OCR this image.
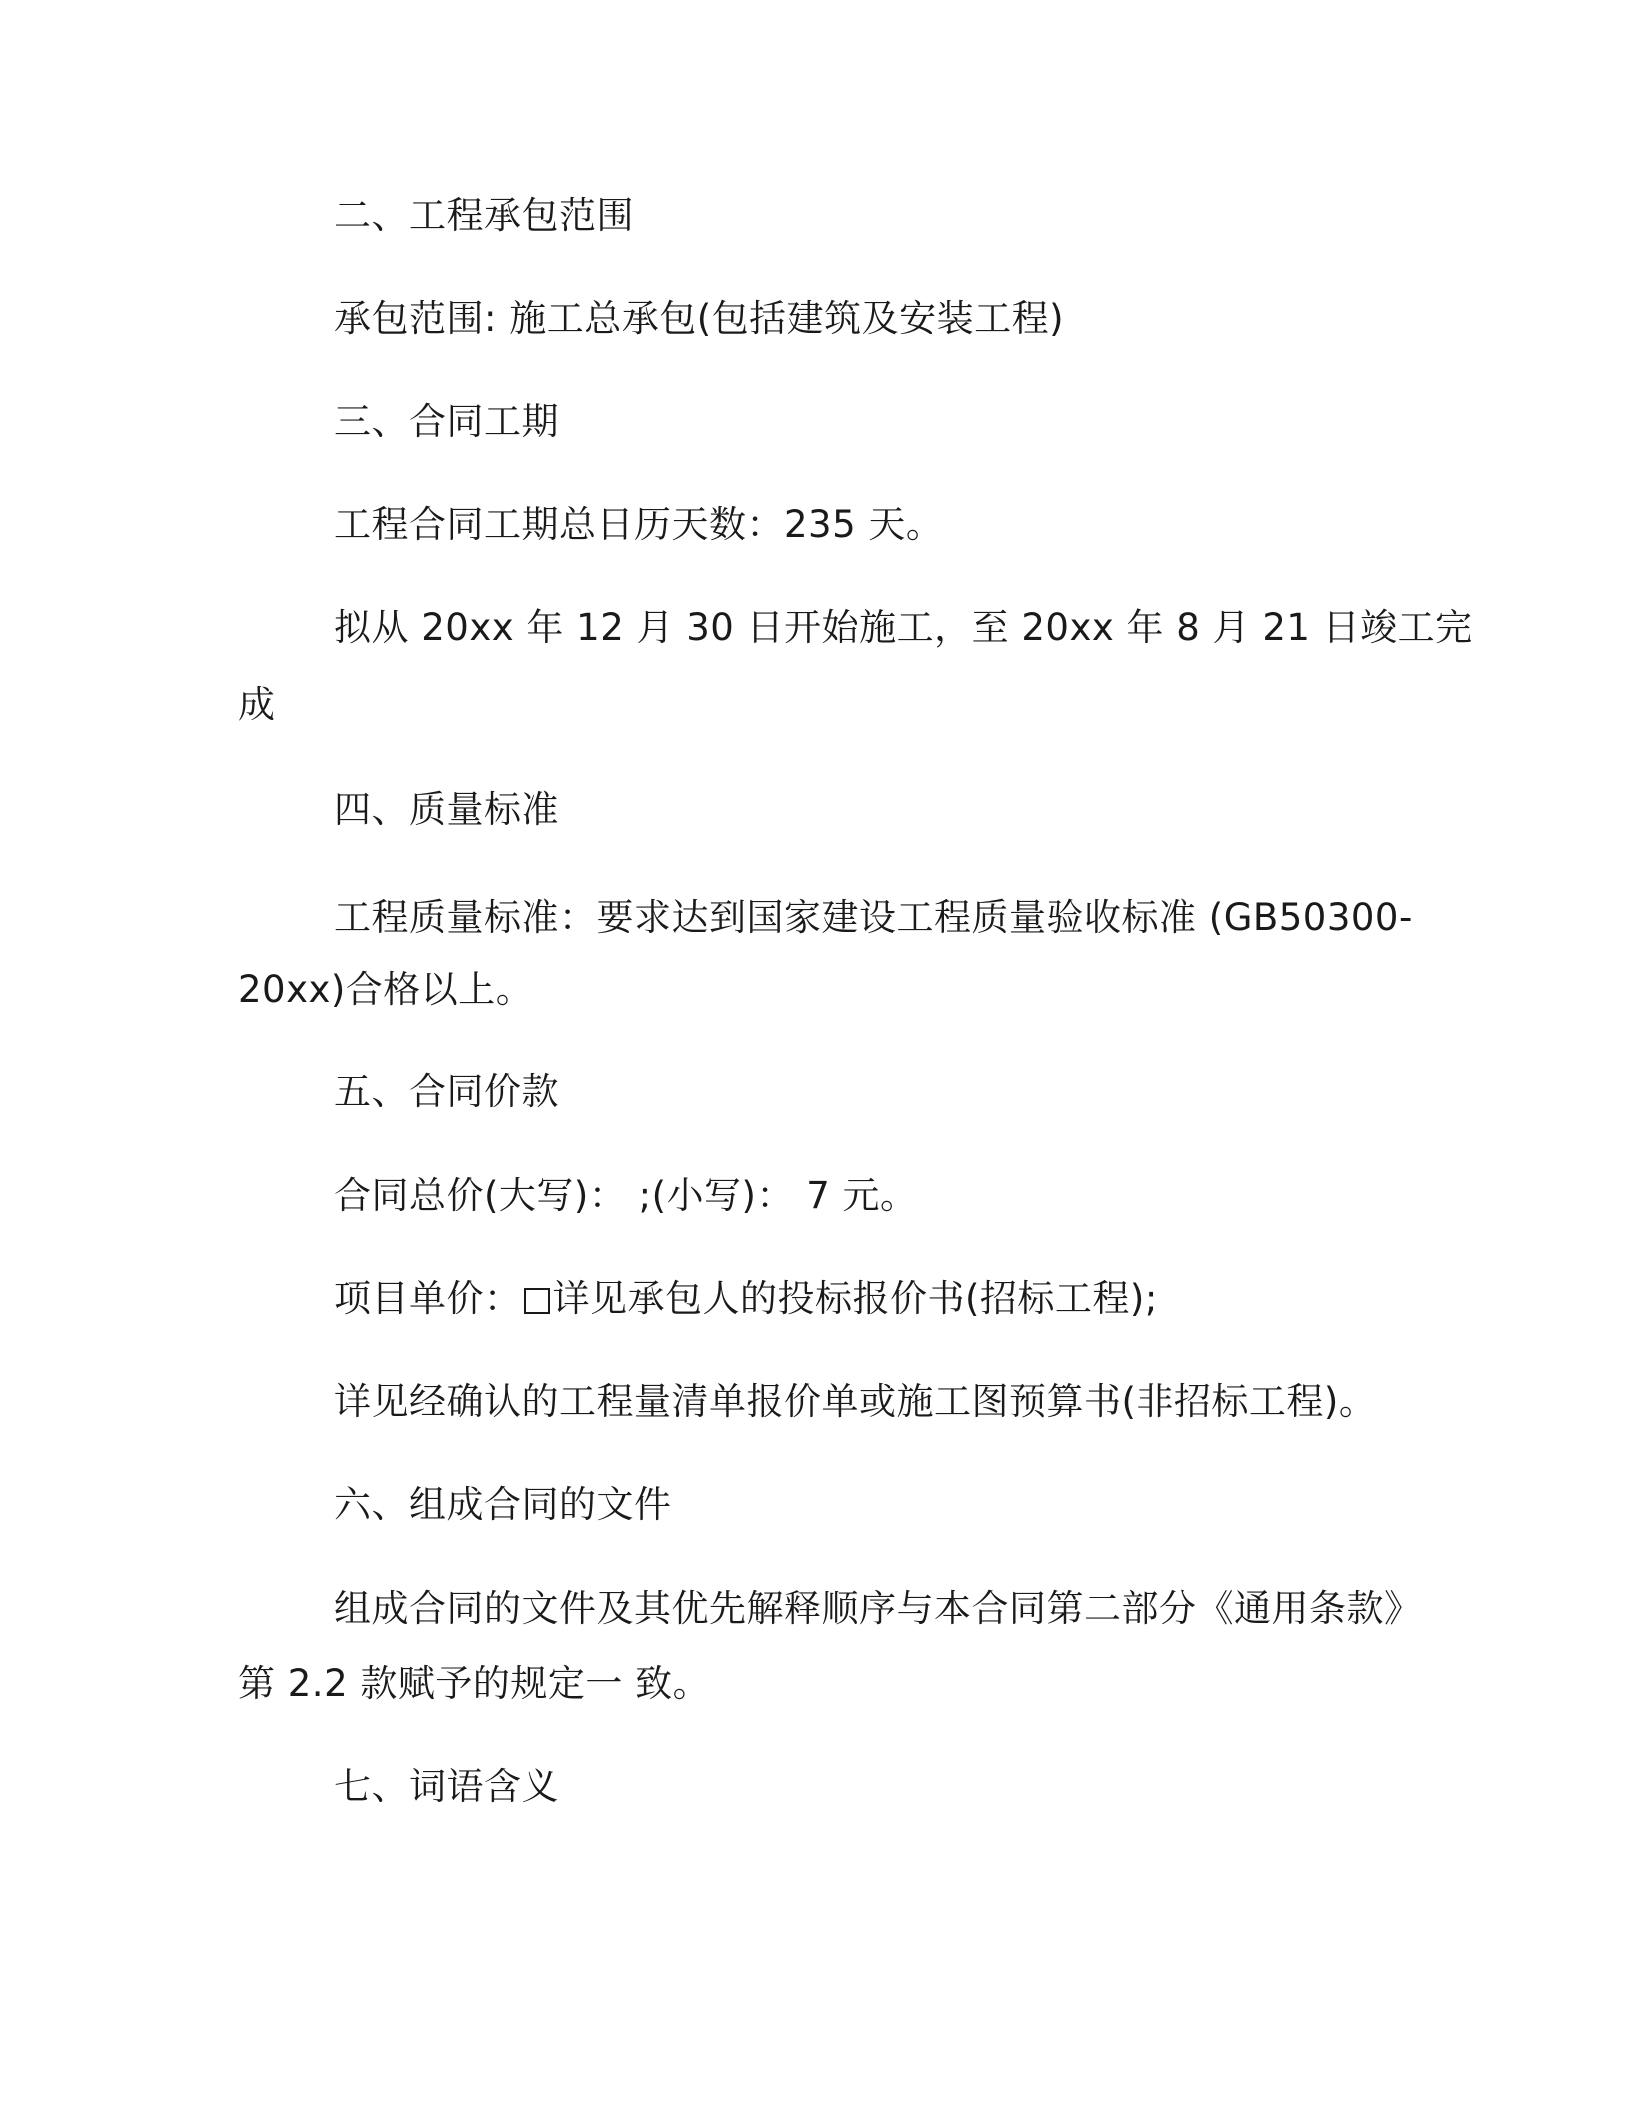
二、工程承包范围
承包范围: 施工总承包(包括建筑及安装工程)
三、合同工期
工程合同工期总日历天数：235 天。
拟从 20xx 年 12 月 30 日开始施工，至 20xx 年 8 月 21 日竣工完
成
四、质量标准
工程质量标准：要求达到国家建设工程质量验收标准 (GB50300-
20xx)合格以上。
五、合同价款
合同总价(大写)： ;(小写)： 7 元。
项目单价： 详见承包人的投标报价书(招标工程);
详见经确认的工程量清单报价单或施工图预算书(非招标工程)。
六、组成合同的文件
组成合同的文件及其优先解释顺序与本合同第二部分《通用条款》
第 2.2 款赋予的规定一 致。
七、词语含义
